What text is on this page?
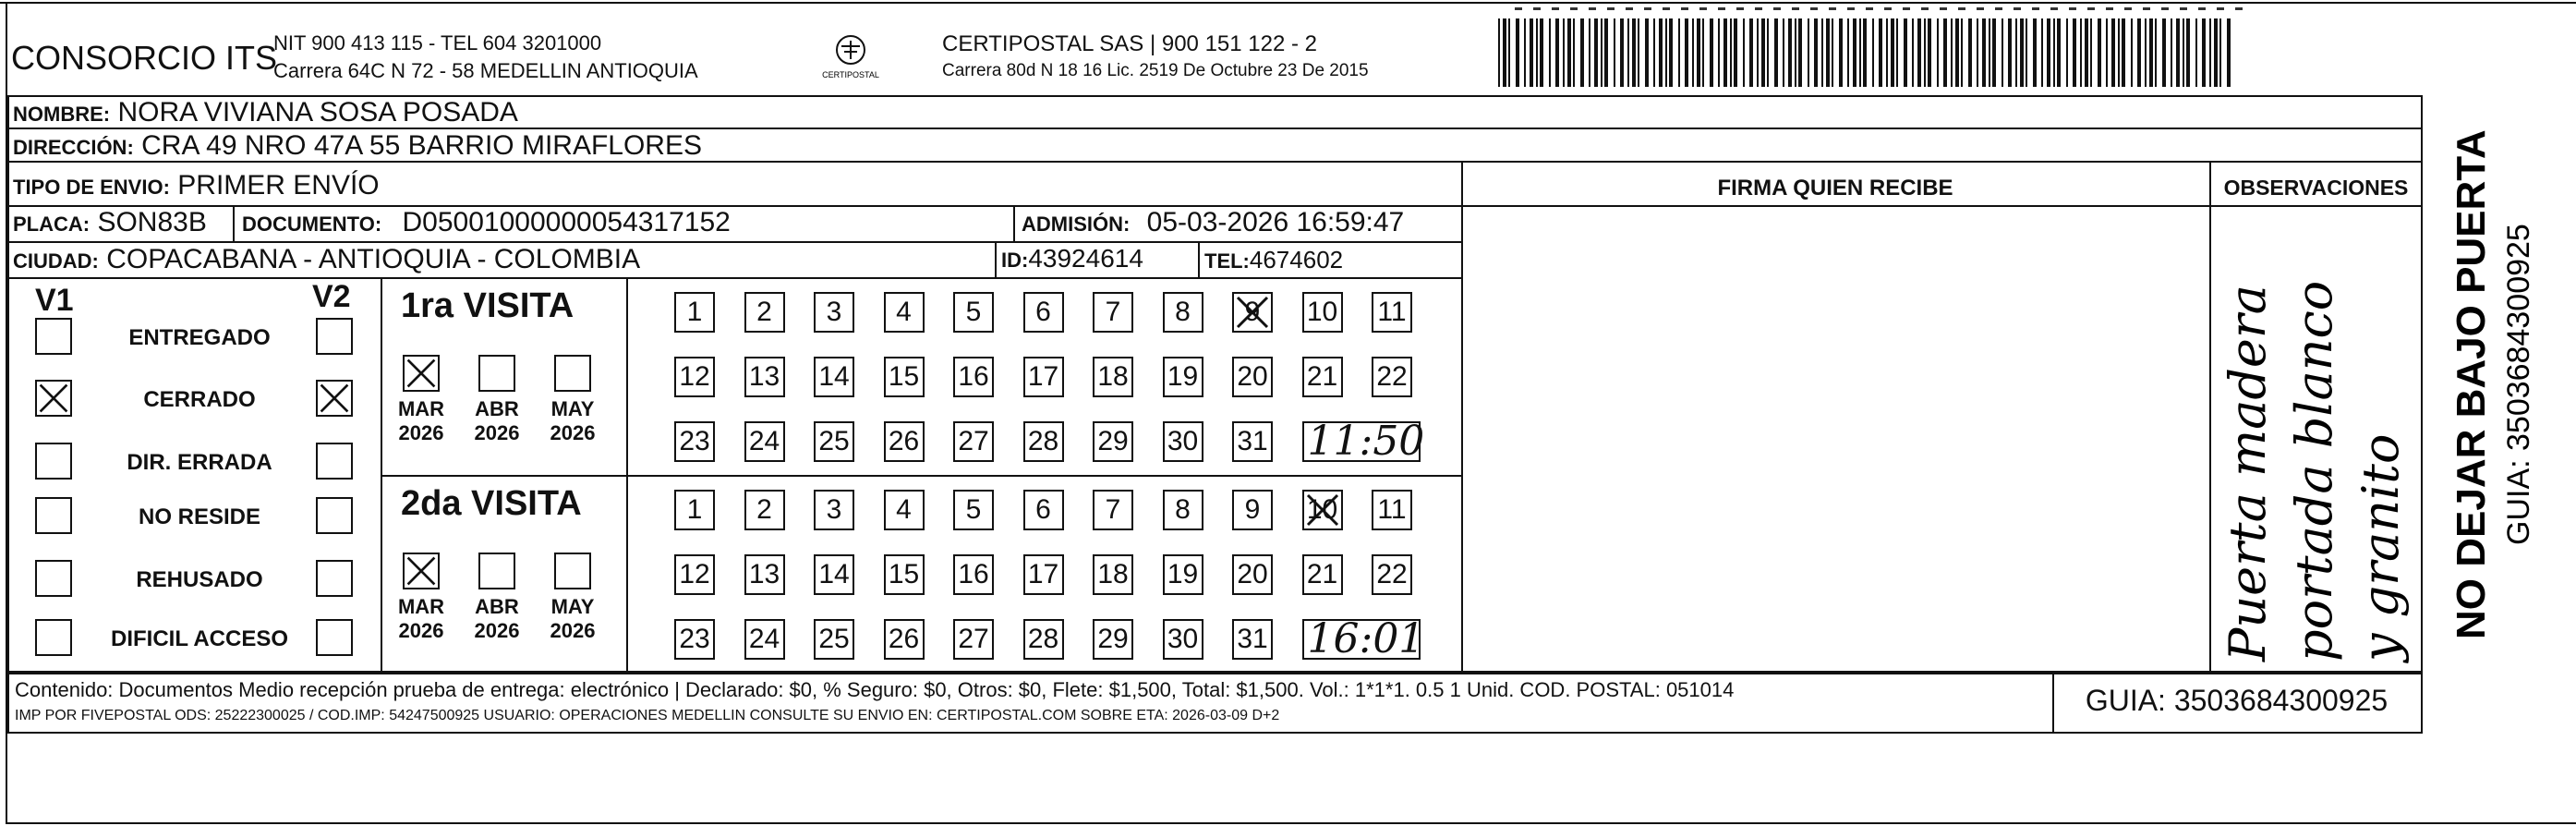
CONSORCIO ITS
NIT 900 413 115 - TEL 604 3201000
Carrera 64C N 72 - 58 MEDELLIN ANTIOQUIA	CERTIPOSTAL
CERTIPOSTAL SAS | 900 151 122 - 2
Carrera 80d N 18 16 Lic. 2519 De Octubre 23 De 2015
NOMBRE: NORA VIVIANA SOSA POSADA
DIRECCIÓN: CRA 49 NRO 47A 55 BARRIO MIRAFLORES
TIPO DE ENVIO: PRIMER ENVÍO	FIRMA QUIEN RECIBE	OBSERVACIONES
PLACA: SON83B DOCUMENTO: D05001000000054317152	ADMISIÓN: 05-03-2026 16:59:47
CIUDAD: COPACABANA - ANTIOQUIA - COLOMBIA	ID:43924614	TEL:4674602
V1	V2
ENTREGADO
CERRADO
DIR. ERRADA
NO RESIDE
REHUSADO
DIFICIL ACCESO
1ra VISITA
MAR
2026
ABR
2026
MAY
2026
1	2	3	4	5	6	7	8	9	10 11
12 13 14 15 16 17 18 19 20 21 22
23 24 25 26 27 28 29 30 31 11:50
2da VISITA
MAR
2026
ABR
2026
MAY
2026
1	2	3	4	5	6	7	8	9	10 11
12 13 14 15 16 17 18 19 20 21 22
23 24 25 26 27 28 29 30 31 16:01	Puerta madera portada blanco y granito
Contenido: Documentos Medio recepción prueba de entrega: electrónico | Declarado: $0, % Seguro: $0, Otros: $0, Flete: $1,500, Total: $1,500. Vol.: 1*1*1. 0.5 1 Unid. COD. POSTAL: 051014
IMP POR FIVEPOSTAL ODS: 25222300025 / COD.IMP: 54247500925 USUARIO: OPERACIONES MEDELLIN CONSULTE SU ENVIO EN: CERTIPOSTAL.COM SOBRE ETA: 2026-03-09 D+2	GUIA: 3503684300925
NO DEJAR BAJO PUERTA GUIA: 3503684300925
